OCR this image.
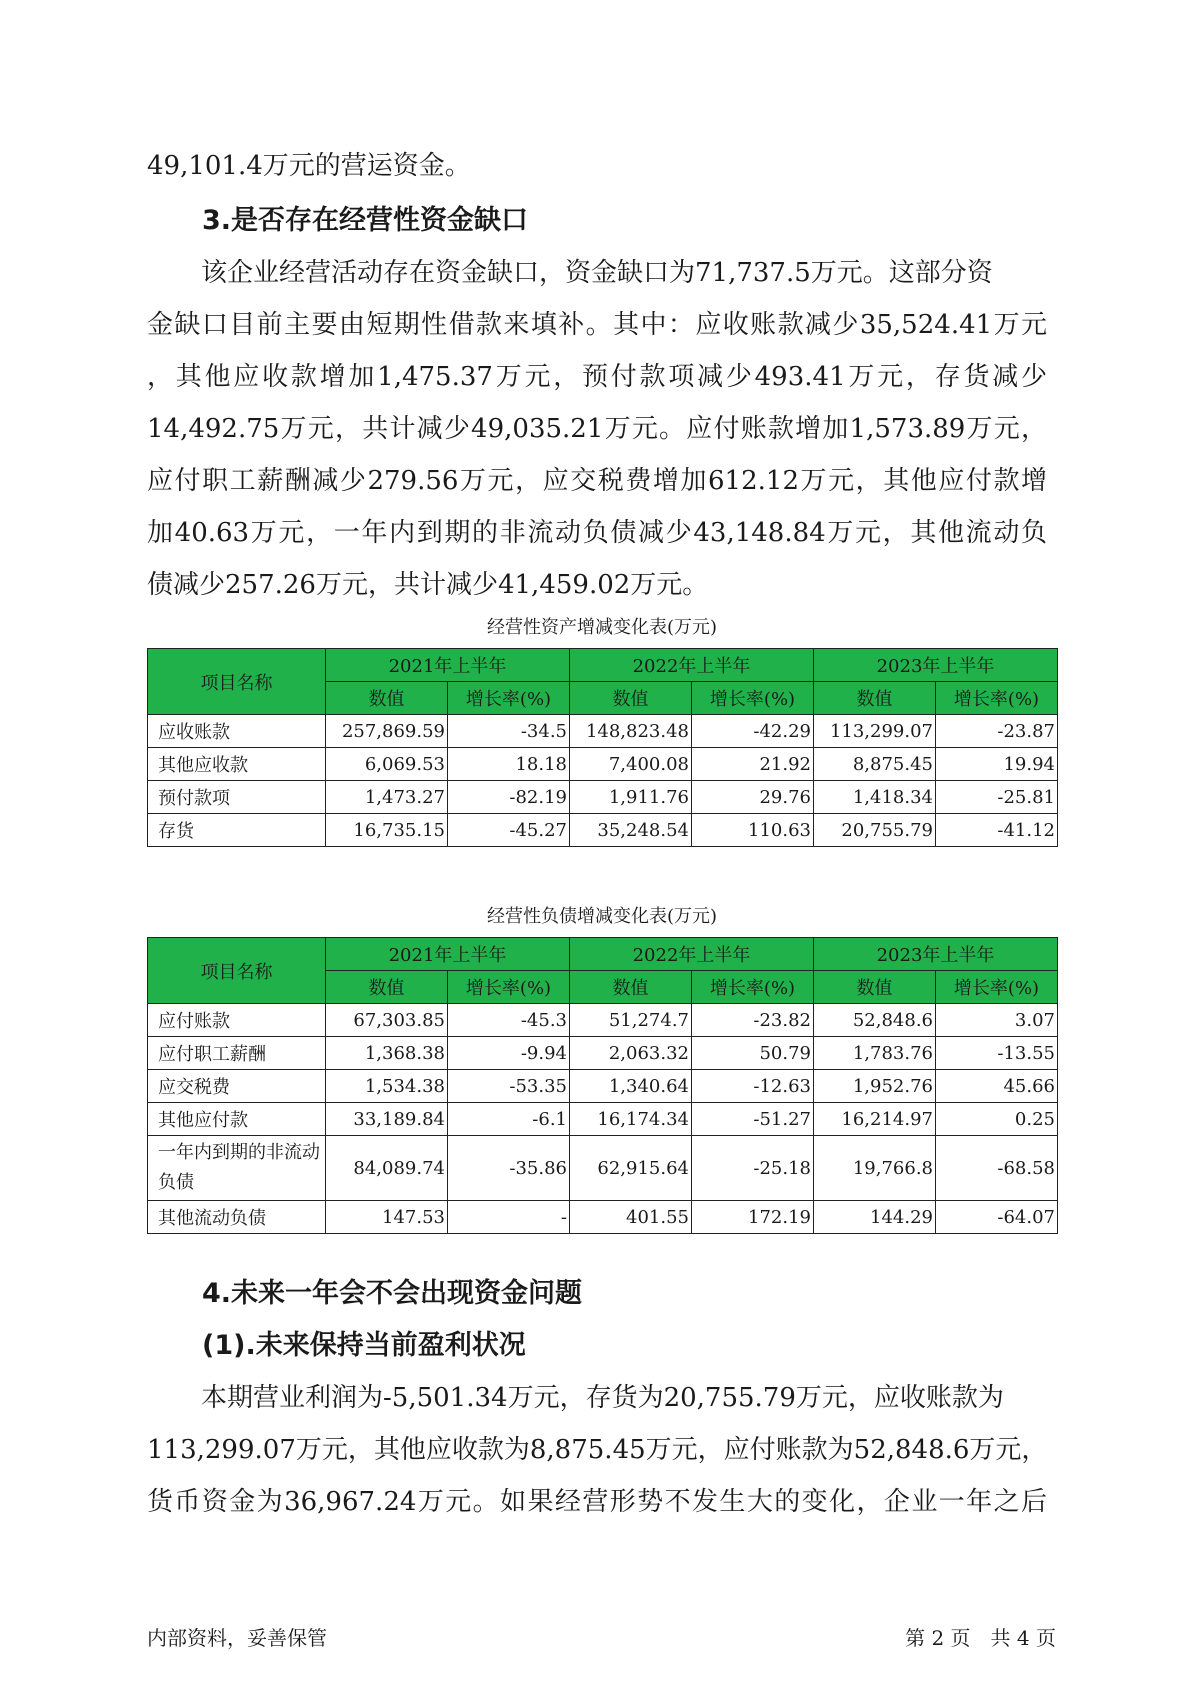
49,101.4万元的营运资金。

3.是否存在经营性资金缺口

该企业经营活动存在资金缺口，资金缺口为71,737.5万元。这部分资
金缺口目前主要由短期性借款来填补。其中：应收账款减少35,524.41万元
，其他应收款增加1,475.37万元，预付款项减少493.41万元，存货减少
14,492.75万元，共计减少49,035.21万元。应付账款增加1,573.89万元，
应付职工薪酬减少279.56万元，应交税费增加612.12万元，其他应付款增
加40.63万元，一年内到期的非流动负债减少43,148.84万元，其他流动负
债减少257.26万元，共计减少41,459.02万元。

经营性资产增减变化表(万元)

项目名称	2021年上半年		2022年上半年		2023年上半年	
	数值	增长率(%)	数值	增长率(%)	数值	增长率(%)
应收账款	257,869.59	-34.5	148,823.48	-42.29	113,299.07	-23.87
其他应收款	6,069.53	18.18	7,400.08	21.92	8,875.45	19.94
预付款项	1,473.27	-82.19	1,911.76	29.76	1,418.34	-25.81
存货	16,735.15	-45.27	35,248.54	110.63	20,755.79	-41.12

经营性负债增减变化表(万元)

项目名称	2021年上半年		2022年上半年		2023年上半年	
	数值	增长率(%)	数值	增长率(%)	数值	增长率(%)
应付账款	67,303.85	-45.3	51,274.7	-23.82	52,848.6	3.07
应付职工薪酬	1,368.38	-9.94	2,063.32	50.79	1,783.76	-13.55
应交税费	1,534.38	-53.35	1,340.64	-12.63	1,952.76	45.66
其他应付款	33,189.84	-6.1	16,174.34	-51.27	16,214.97	0.25
一年内到期的非流动负债	84,089.74	-35.86	62,915.64	-25.18	19,766.8	-68.58
其他流动负债	147.53	-	401.55	172.19	144.29	-64.07
4.未来一年会不会出现资金问题
(1).未来保持当前盈利状况

本期营业利润为-5,501.34万元，存货为20,755.79万元，应收账款为
113,299.07万元，其他应收款为8,875.45万元，应付账款为52,848.6万元，
货币资金为36,967.24万元。如果经营形势不发生大的变化，企业一年之后

内部资料，妥善保管	第 2 页　共 4 页
